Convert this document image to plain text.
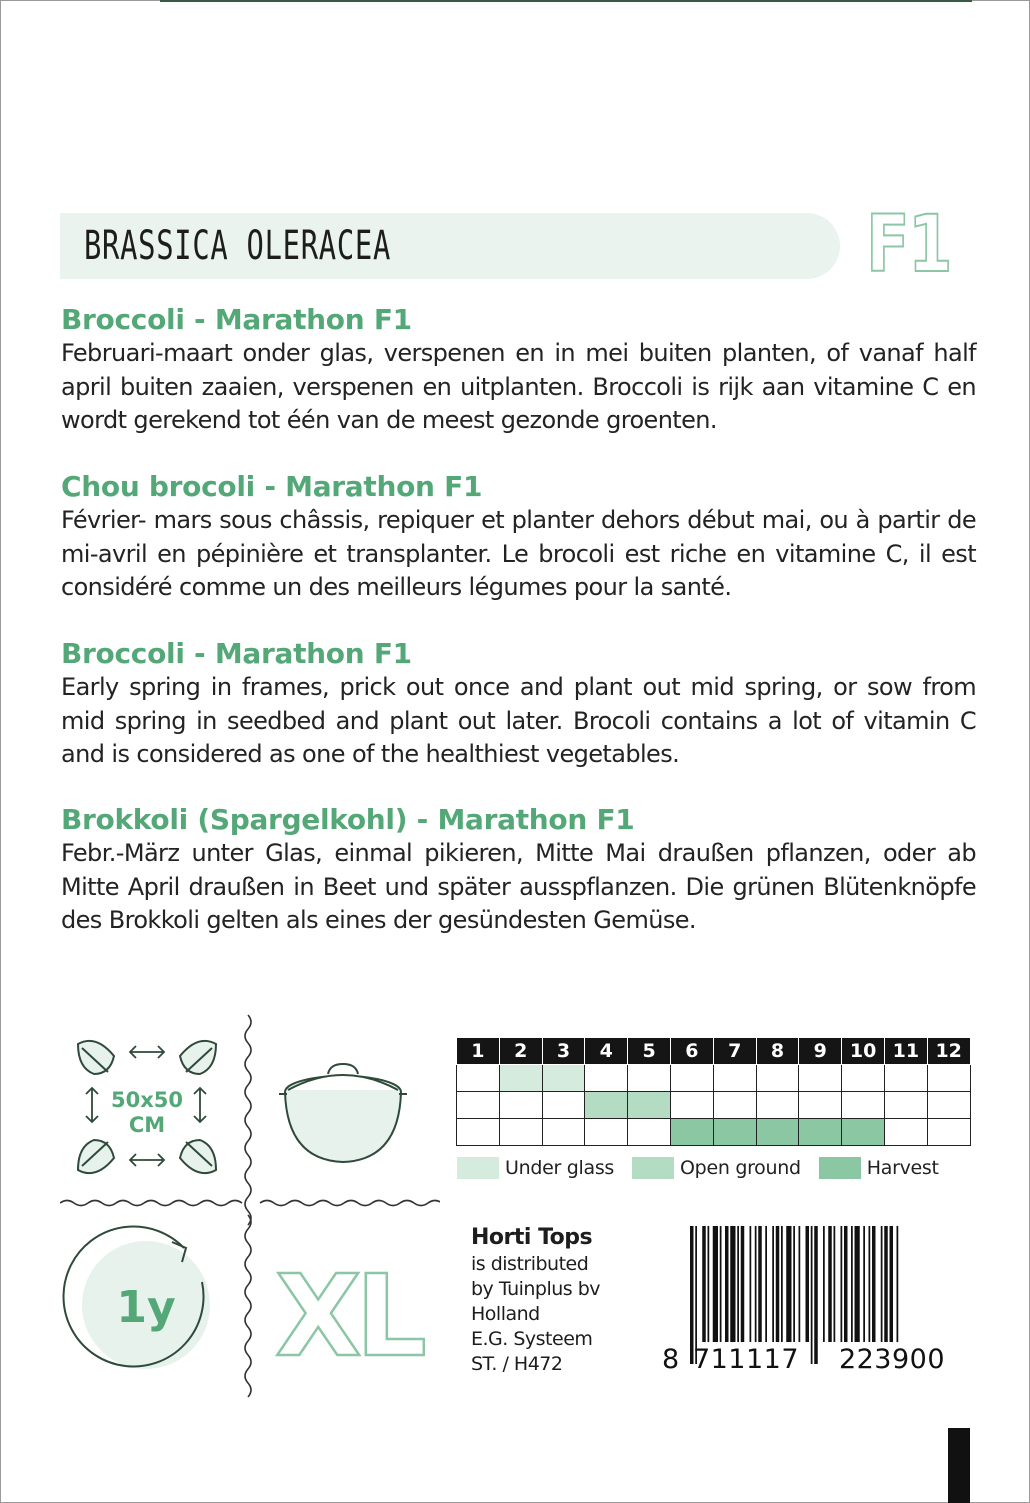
BRASSICA OLERACEA	F1
Broccoli - Marathon F1

Februari-maart onder glas, verspenen en in mei buiten planten, of vanaf half april buiten zaaien, verspenen en uitplanten. Broccoli is rijk aan vitamine C en wordt gerekend tot één van de meest gezonde groenten.

Chou brocoli - Marathon F1

Février- mars sous châssis, repiquer et planter dehors début mai, ou à partir de mi-avril en pépinière et transplanter. Le brocoli est riche en vitamine C, il est considéré comme un des meilleurs légumes pour la santé.

Broccoli - Marathon F1

Early spring in frames, prick out once and plant out mid spring, or sow from mid spring in seedbed and plant out later. Brocoli contains a lot of vitamin C and is considered as one of the healthiest vegetables.

Brokkoli (Spargelkohl) - Marathon F1

Febr.-März unter Glas, einmal pikieren, Mitte Mai draußen pflanzen, oder ab Mitte April draußen in Beet und später ausspflanzen. Die grünen Blütenknöpfe des Brokkoli gelten als eines der gesündesten Gemüse.

50x50
CM
1y XL
1	2	3	4	5	6	7	8	9	10	11	12

Under glass	Open ground	Harvest
Horti Tops
is distributed
by Tuinplus bv
Holland
E.G. Systeem
ST. / H472	8 711117 223900
